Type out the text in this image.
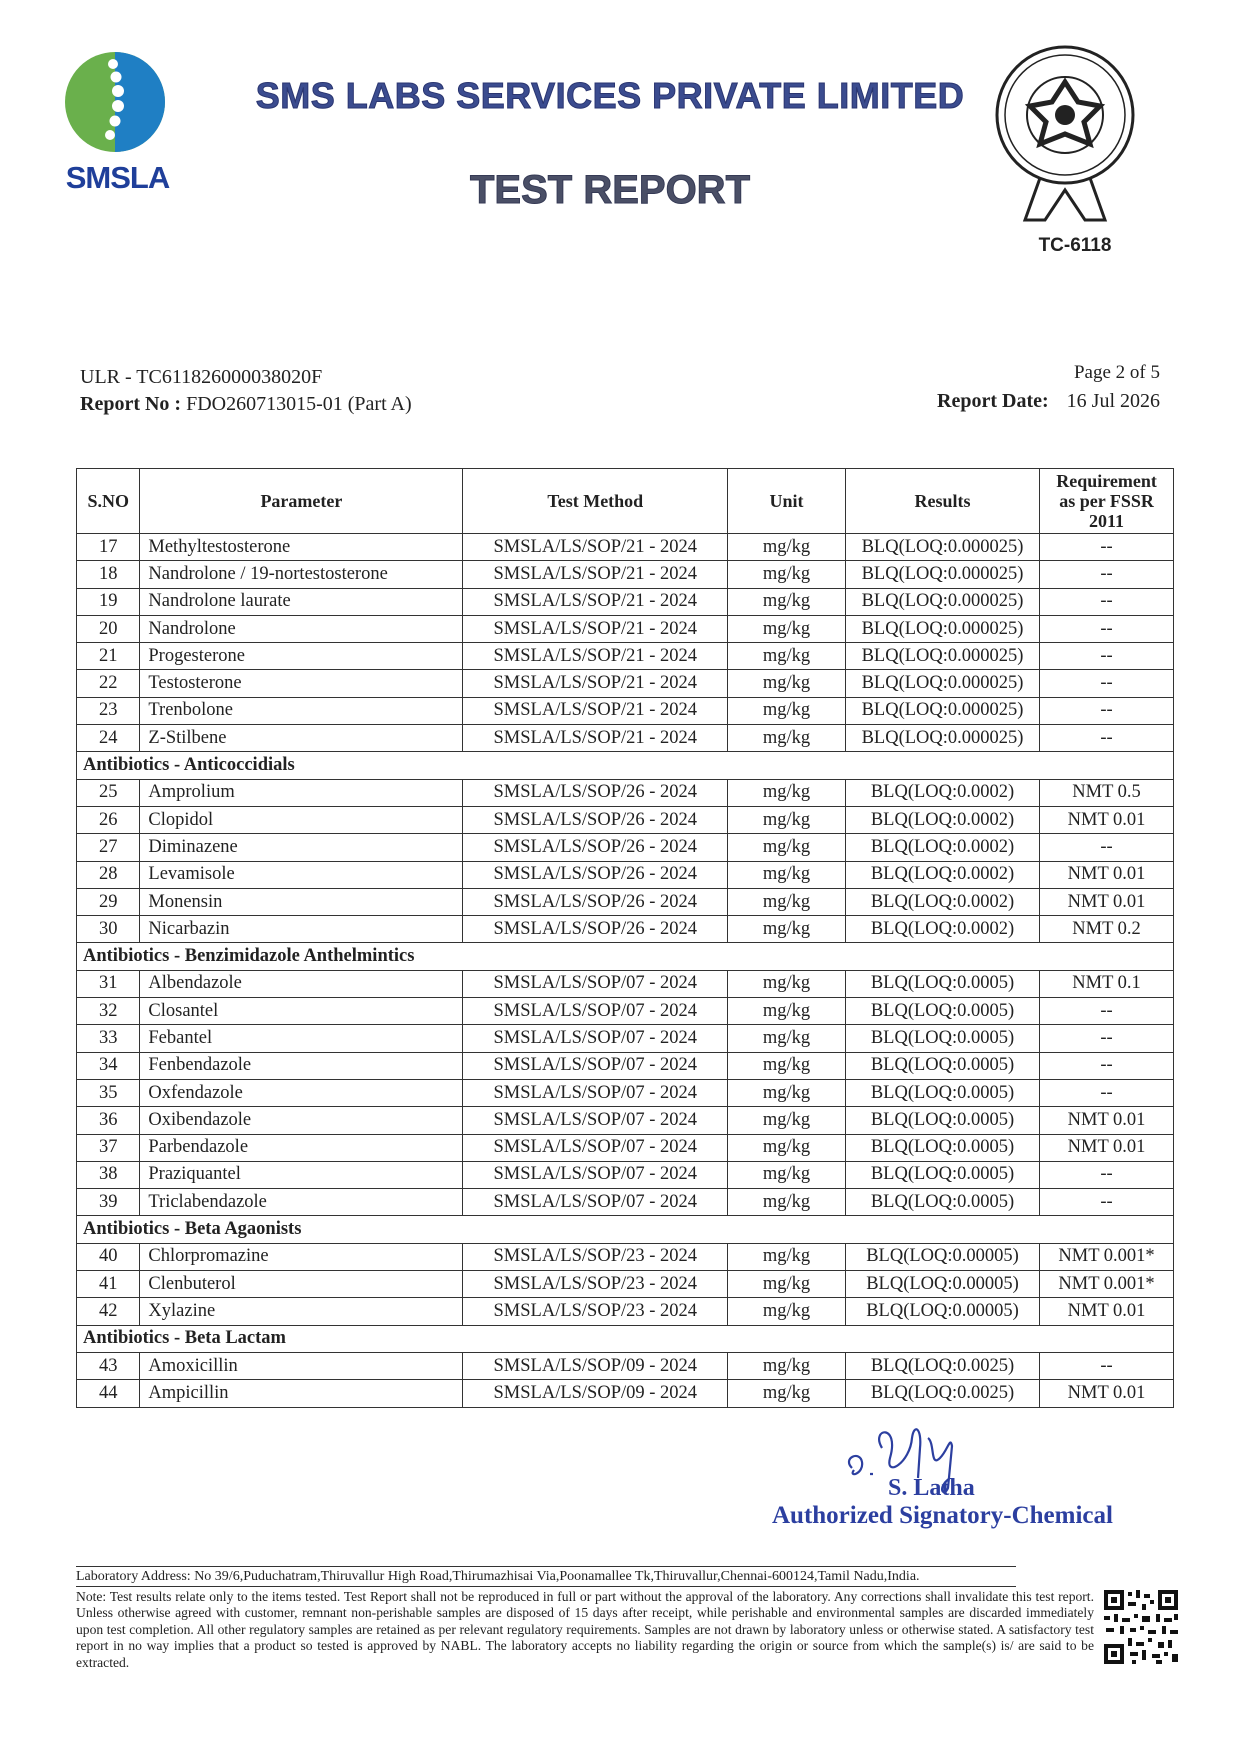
SMSLA
SMS LABS SERVICES PRIVATE LIMITED
TEST REPORT
TC-6118
ULR - TC611826000038020F
Report No : FDO260713015-01 (Part A)
Page 2 of 5
Report Date: 16 Jul 2026
S.NO	Parameter	Test Method	Unit	Results	Requirement as per FSSR 2011
17	Methyltestosterone	SMSLA/LS/SOP/21 - 2024	mg/kg	BLQ(LOQ:0.000025)	--
18	Nandrolone / 19-nortestosterone	SMSLA/LS/SOP/21 - 2024	mg/kg	BLQ(LOQ:0.000025)	--
19	Nandrolone laurate	SMSLA/LS/SOP/21 - 2024	mg/kg	BLQ(LOQ:0.000025)	--
20	Nandrolone	SMSLA/LS/SOP/21 - 2024	mg/kg	BLQ(LOQ:0.000025)	--
21	Progesterone	SMSLA/LS/SOP/21 - 2024	mg/kg	BLQ(LOQ:0.000025)	--
22	Testosterone	SMSLA/LS/SOP/21 - 2024	mg/kg	BLQ(LOQ:0.000025)	--
23	Trenbolone	SMSLA/LS/SOP/21 - 2024	mg/kg	BLQ(LOQ:0.000025)	--
24	Z-Stilbene	SMSLA/LS/SOP/21 - 2024	mg/kg	BLQ(LOQ:0.000025)	--
Antibiotics - Anticoccidials					
25	Amprolium	SMSLA/LS/SOP/26 - 2024	mg/kg	BLQ(LOQ:0.0002)	NMT 0.5
26	Clopidol	SMSLA/LS/SOP/26 - 2024	mg/kg	BLQ(LOQ:0.0002)	NMT 0.01
27	Diminazene	SMSLA/LS/SOP/26 - 2024	mg/kg	BLQ(LOQ:0.0002)	--
28	Levamisole	SMSLA/LS/SOP/26 - 2024	mg/kg	BLQ(LOQ:0.0002)	NMT 0.01
29	Monensin	SMSLA/LS/SOP/26 - 2024	mg/kg	BLQ(LOQ:0.0002)	NMT 0.01
30	Nicarbazin	SMSLA/LS/SOP/26 - 2024	mg/kg	BLQ(LOQ:0.0002)	NMT 0.2
Antibiotics - Benzimidazole Anthelmintics					
31	Albendazole	SMSLA/LS/SOP/07 - 2024	mg/kg	BLQ(LOQ:0.0005)	NMT 0.1
32	Closantel	SMSLA/LS/SOP/07 - 2024	mg/kg	BLQ(LOQ:0.0005)	--
33	Febantel	SMSLA/LS/SOP/07 - 2024	mg/kg	BLQ(LOQ:0.0005)	--
34	Fenbendazole	SMSLA/LS/SOP/07 - 2024	mg/kg	BLQ(LOQ:0.0005)	--
35	Oxfendazole	SMSLA/LS/SOP/07 - 2024	mg/kg	BLQ(LOQ:0.0005)	--
36	Oxibendazole	SMSLA/LS/SOP/07 - 2024	mg/kg	BLQ(LOQ:0.0005)	NMT 0.01
37	Parbendazole	SMSLA/LS/SOP/07 - 2024	mg/kg	BLQ(LOQ:0.0005)	NMT 0.01
38	Praziquantel	SMSLA/LS/SOP/07 - 2024	mg/kg	BLQ(LOQ:0.0005)	--
39	Triclabendazole	SMSLA/LS/SOP/07 - 2024	mg/kg	BLQ(LOQ:0.0005)	--
Antibiotics - Beta Agaonists					
40	Chlorpromazine	SMSLA/LS/SOP/23 - 2024	mg/kg	BLQ(LOQ:0.00005)	NMT 0.001*
41	Clenbuterol	SMSLA/LS/SOP/23 - 2024	mg/kg	BLQ(LOQ:0.00005)	NMT 0.001*
42	Xylazine	SMSLA/LS/SOP/23 - 2024	mg/kg	BLQ(LOQ:0.00005)	NMT 0.01
Antibiotics - Beta Lactam					
43	Amoxicillin	SMSLA/LS/SOP/09 - 2024	mg/kg	BLQ(LOQ:0.0025)	--
44	Ampicillin	SMSLA/LS/SOP/09 - 2024	mg/kg	BLQ(LOQ:0.0025)	NMT 0.01
S. Latha
Authorized Signatory-Chemical
Laboratory Address: No 39/6,Puduchatram,Thiruvallur High Road,Thirumazhisai Via,Poonamallee Tk,Thiruvallur,Chennai-600124,Tamil Nadu,India.
Note: Test results relate only to the items tested. Test Report shall not be reproduced in full or part without the approval of the laboratory. Any corrections shall invalidate this test report. Unless otherwise agreed with customer, remnant non-perishable samples are disposed of 15 days after receipt, while perishable and environmental samples are discarded immediately upon test completion. All other regulatory samples are retained as per relevant regulatory requirements. Samples are not drawn by laboratory unless or otherwise stated. A satisfactory test report in no way implies that a product so tested is approved by NABL. The laboratory accepts no liability regarding the origin or source from which the sample(s) is/ are said to be extracted.
